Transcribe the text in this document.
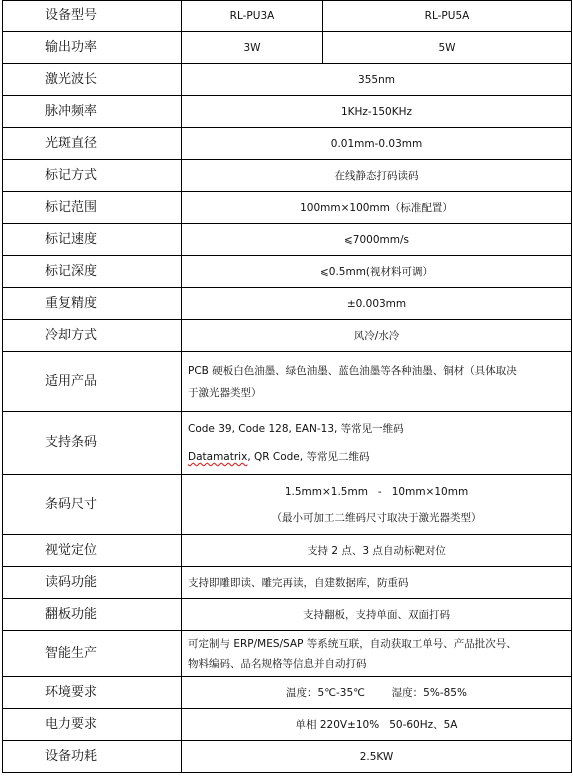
设备型号	RL-PU3A	RL-PU5A
输出功率	3W	5W
激光波长	355nm	
脉冲频率	1KHz-150KHz	
光斑直径	0.01mm-0.03mm	
标记方式	在线静态打码读码	
标记范围	100mm×100mm（标准配置）	
标记速度	⩽7000mm/s	
标记深度	⩽0.5mm(视材料可调）	
重复精度	±0.003mm	
冷却方式	风冷/水冷	
适用产品	PCB 硬板白色油墨、绿色油墨、蓝色油墨等各种油墨、铜材（具体取决
于激光器类型）	

支持条码	Code 39, Code 128, EAN-13, 等常见一维码
Datamatrix, QR Code, 等常见二维码	

条码尺寸	1.5mm×1.5mm   -   10mm×10mm
（最小可加工二维码尺寸取决于激光器类型）	

视觉定位	支持 2 点、3 点自动标靶对位	
读码功能	支持即雕即读、雕完再读，自建数据库，防重码	
翻板功能	支持翻板，支持单面、双面打码	
智能生产	可定制与 ERP/MES/SAP 等系统互联，自动获取工单号、产品批次号、
物料编码、品名规格等信息并自动打码	

环境要求	温度：5℃-35℃        湿度：5%-85%	
电力要求	单相 220V±10%   50-60Hz、5A	
设备功耗	2.5KW	
